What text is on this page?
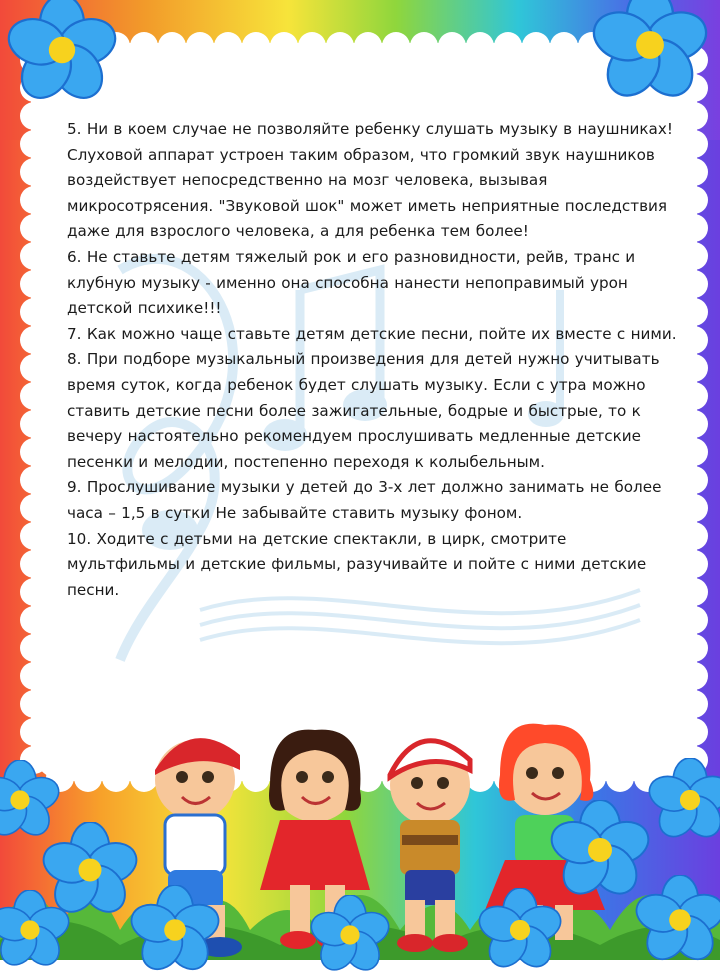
5. Ни в коем случае не позволяйте ребенку слушать музыку в наушниках! Слуховой аппарат устроен таким образом, что громкий звук наушников воздействует непосредственно на мозг человека, вызывая микросотрясения. "Звуковой шок" может иметь неприятные последствия даже для взрослого человека, а для ребенка тем более!

6. Не ставьте детям тяжелый рок и его разновидности, рейв, транс и клубную музыку - именно она способна нанести непоправимый урон детской психике!!!

7. Как можно чаще ставьте детям детские песни, пойте их вместе с ними.

8. При подборе музыкальный произведения для детей нужно учитывать время суток, когда ребенок будет слушать музыку. Если с утра можно ставить детские песни более зажигательные, бодрые и быстрые, то к вечеру настоятельно рекомендуем прослушивать медленные детские песенки и мелодии, постепенно переходя к колыбельным.

9. Прослушивание музыки у детей до 3-х лет должно занимать не более часа – 1,5 в сутки Не забывайте ставить музыку фоном.

10. Ходите с детьми на детские спектакли, в цирк, смотрите мультфильмы и детские фильмы, разучивайте и пойте с ними детские песни.
